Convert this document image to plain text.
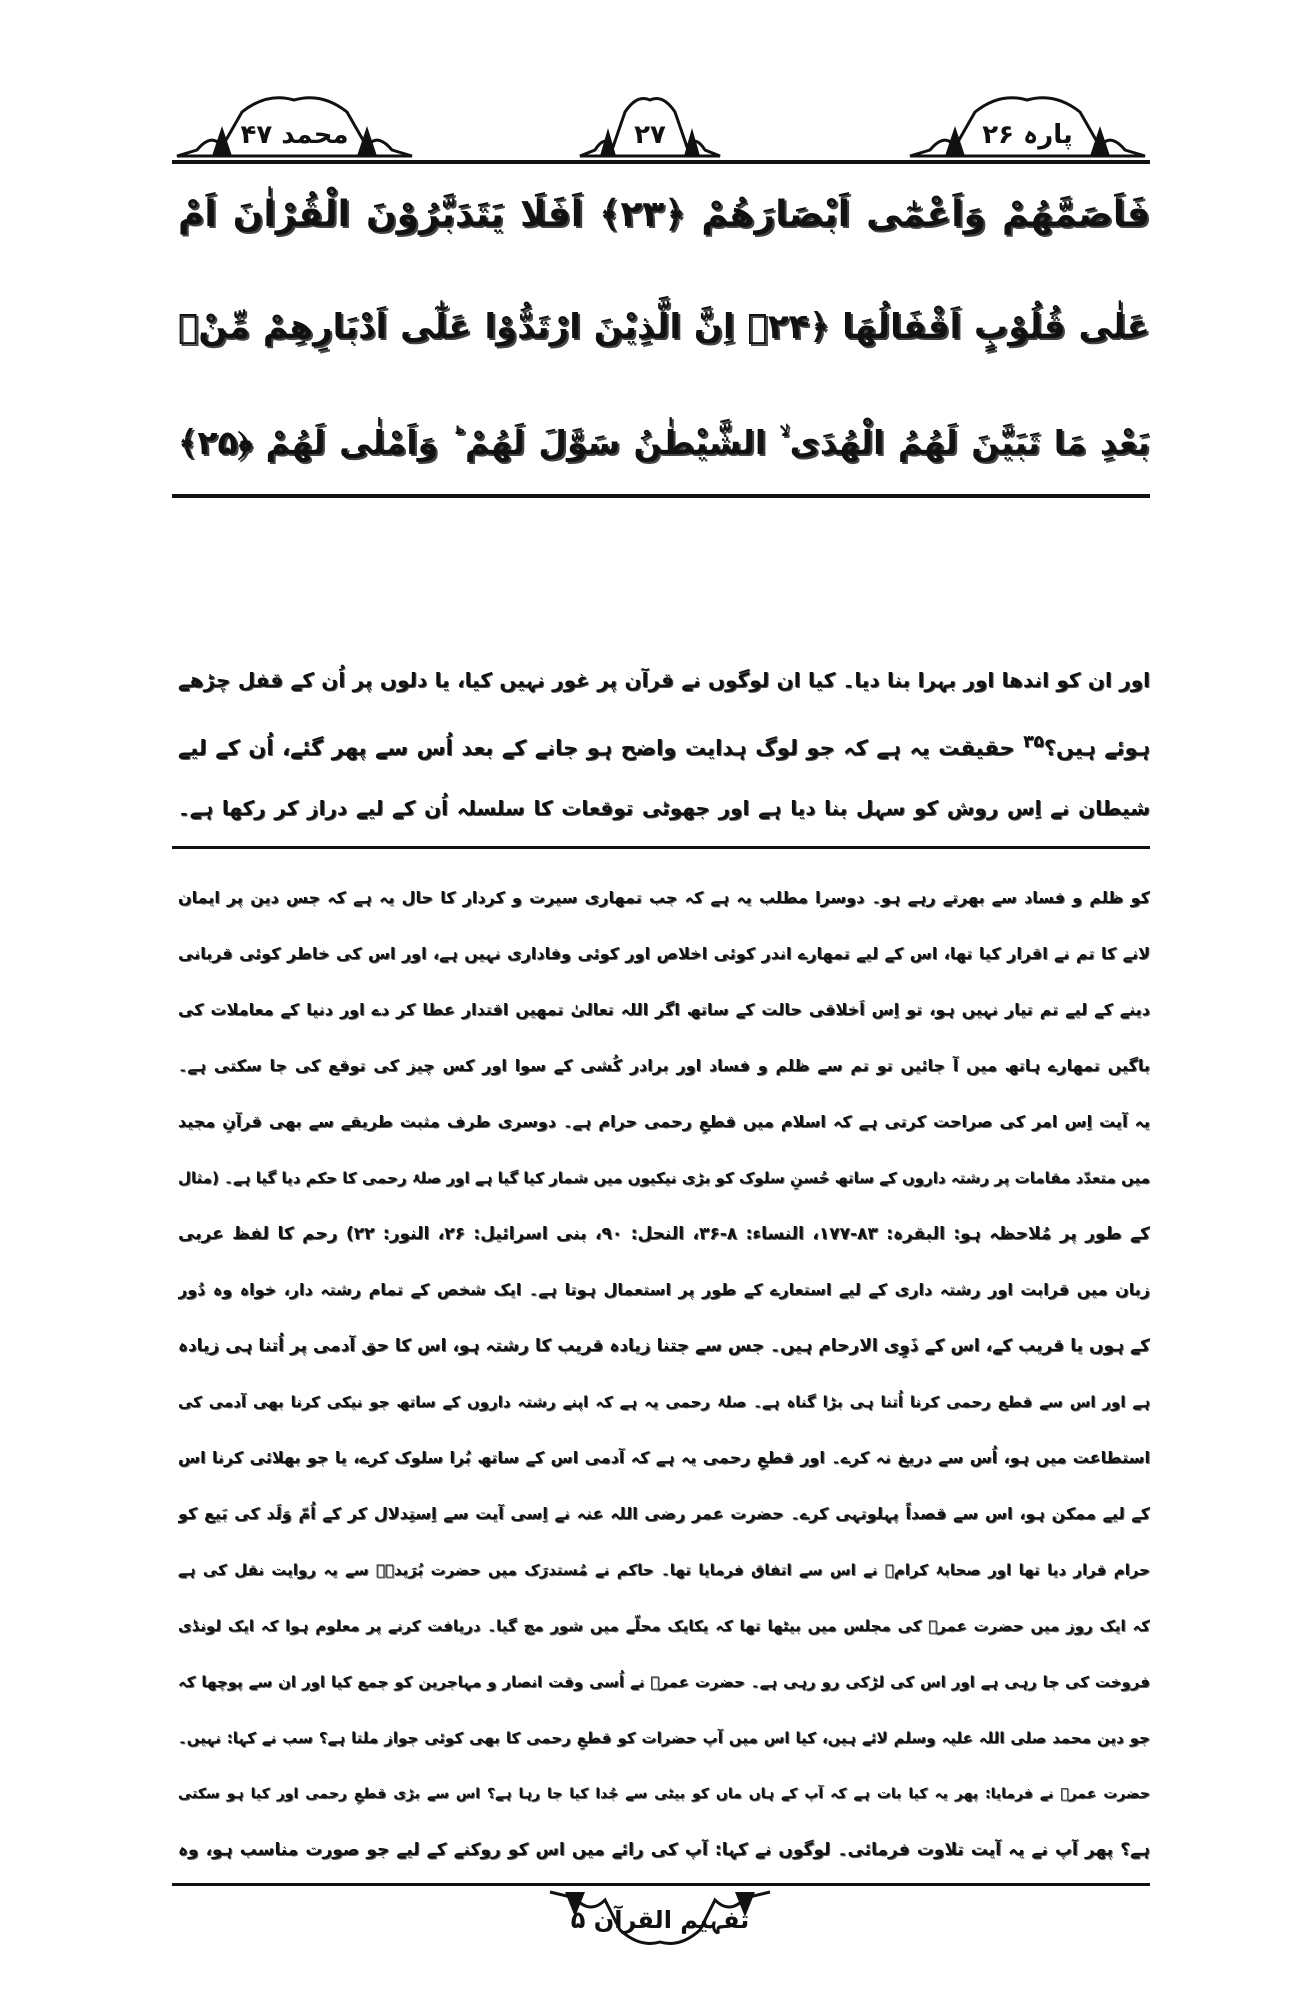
پارہ ۲۶
۲۷
محمد ۴۷
فَاَصَمَّهُمْ وَاَعْمٰٓى اَبْصَارَهُمْ ﴿۲۳﴾ اَفَلَا يَتَدَبَّرُوْنَ الْقُرْاٰنَ اَمْ
عَلٰى قُلُوْبٍ اَقْفَالُهَا ﴿۲۴﴾ اِنَّ الَّذِيْنَ ارْتَدُّوْا عَلٰٓى اَدْبَارِهِمْ مِّنْۢ
بَعْدِ مَا تَبَيَّنَ لَهُمُ الْهُدَى ۙ الشَّيْطٰنُ سَوَّلَ لَهُمْ ؕ وَاَمْلٰى لَهُمْ ﴿۲۵﴾
اور ان کو اندھا اور بہرا بنا دیا۔ کیا ان لوگوں نے قرآن پر غور نہیں کیا، یا دلوں پر اُن کے قفل چڑھے
ہوئے ہیں؟$^{۳۵}$ حقیقت یہ ہے کہ جو لوگ ہدایت واضح ہو جانے کے بعد اُس سے پھر گئے، اُن کے لیے
شیطان نے اِس روش کو سہل بنا دیا ہے اور جھوٹی توقعات کا سلسلہ اُن کے لیے دراز کر رکھا ہے۔
کو ظلم و فساد سے بھرتے رہے ہو۔ دوسرا مطلب یہ ہے کہ جب تمھاری سیرت و کردار کا حال یہ ہے کہ جس دین پر ایمان
لانے کا تم نے اقرار کیا تھا، اس کے لیے تمھارے اندر کوئی اخلاص اور کوئی وفاداری نہیں ہے، اور اس کی خاطر کوئی قربانی
دینے کے لیے تم تیار نہیں ہو، تو اِس اَخلاقی حالت کے ساتھ اگر اللہ تعالیٰ تمھیں اقتدار عطا کر دے اور دنیا کے معاملات کی
باگیں تمھارے ہاتھ میں آ جائیں تو تم سے ظلم و فساد اور برادر کُشی کے سوا اور کس چیز کی توقع کی جا سکتی ہے۔
یہ آیت اِس امر کی صراحت کرتی ہے کہ اسلام میں قطعِ رحمی حرام ہے۔ دوسری طرف مثبت طریقے سے بھی قرآنِ مجید
میں متعدّد مقامات پر رشتہ داروں کے ساتھ حُسنِ سلوک کو بڑی نیکیوں میں شمار کیا گیا ہے اور صلۂ رحمی کا حکم دیا گیا ہے۔ (مثال
کے طور پر مُلاحظہ ہو: البقرہ: ۸۳-۱۷۷، النساء: ۸-۳۶، النحل: ۹۰، بنی اسرائیل: ۲۶، النور: ۲۲) رحم کا لفظ عربی
زبان میں قرابت اور رشتہ داری کے لیے استعارے کے طور پر استعمال ہوتا ہے۔ ایک شخص کے تمام رشتہ دار، خواہ وہ دُور
کے ہوں یا قریب کے، اس کے ذَوِی الارحام ہیں۔ جس سے جتنا زیادہ قریب کا رشتہ ہو، اس کا حق آدمی پر اُتنا ہی زیادہ
ہے اور اس سے قطع رحمی کرنا اُتنا ہی بڑا گناہ ہے۔ صلۂ رحمی یہ ہے کہ اپنے رشتہ داروں کے ساتھ جو نیکی کرنا بھی آدمی کی
استطاعت میں ہو، اُس سے دریغ نہ کرے۔ اور قطعِ رحمی یہ ہے کہ آدمی اس کے ساتھ بُرا سلوک کرے، یا جو بھلائی کرنا اس
کے لیے ممکن ہو، اس سے قصداً پہلوتہی کرے۔ حضرت عمر رضی اللہ عنہ نے اِسی آیت سے اِستِدلال کر کے اُمّ وَلَد کی بَیع کو
حرام قرار دیا تھا اور صحابۂ کرامؓ نے اس سے اتفاق فرمایا تھا۔ حاکم نے مُستدرَک میں حضرت بُرَیدہؓ سے یہ روایت نقل کی ہے
کہ ایک روز میں حضرت عمرؓ کی مجلس میں بیٹھا تھا کہ یکایک محلّے میں شور مچ گیا۔ دریافت کرنے پر معلوم ہوا کہ ایک لونڈی
فروخت کی جا رہی ہے اور اس کی لڑکی رو رہی ہے۔ حضرت عمرؓ نے اُسی وقت انصار و مہاجرین کو جمع کیا اور ان سے پوچھا کہ
جو دین محمد صلی اللہ علیہ وسلم لائے ہیں، کیا اس میں آپ حضرات کو قطعِ رحمی کا بھی کوئی جواز ملتا ہے؟ سب نے کہا: نہیں۔
حضرت عمرؓ نے فرمایا: پھر یہ کیا بات ہے کہ آپ کے ہاں ماں کو بیٹی سے جُدا کیا جا رہا ہے؟ اس سے بڑی قطعِ رحمی اور کیا ہو سکتی
ہے؟ پھر آپ نے یہ آیت تلاوت فرمائی۔ لوگوں نے کہا: آپ کی رائے میں اس کو روکنے کے لیے جو صورت مناسب ہو، وہ
تفہیم القرآن ۵
